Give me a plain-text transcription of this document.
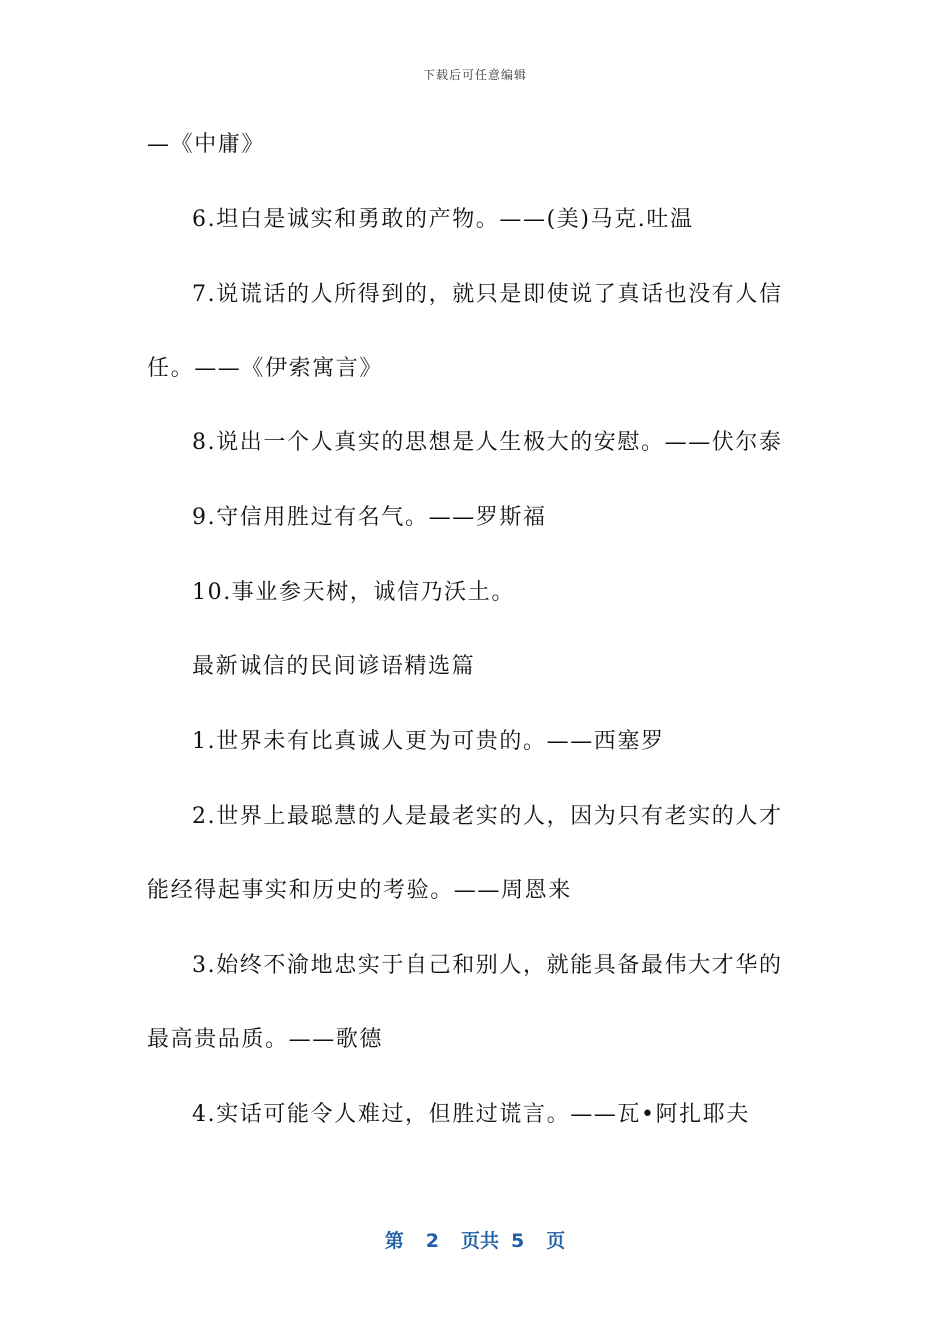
下载后可任意编辑
—《中庸》
6.坦白是诚实和勇敢的产物。——(美)马克.吐温
7.说谎话的人所得到的，就只是即使说了真话也没有人信
任。——《伊索寓言》
8.说出一个人真实的思想是人生极大的安慰。——伏尔泰
9.守信用胜过有名气。——罗斯福
10.事业参天树，诚信乃沃土。
最新诚信的民间谚语精选篇
1.世界未有比真诚人更为可贵的。——西塞罗
2.世界上最聪慧的人是最老实的人，因为只有老实的人才
能经得起事实和历史的考验。——周恩来
3.始终不渝地忠实于自己和别人，就能具备最伟大才华的
最高贵品质。——歌德
4.实话可能令人难过，但胜过谎言。——瓦•阿扎耶夫
第 2 页共 5 页
